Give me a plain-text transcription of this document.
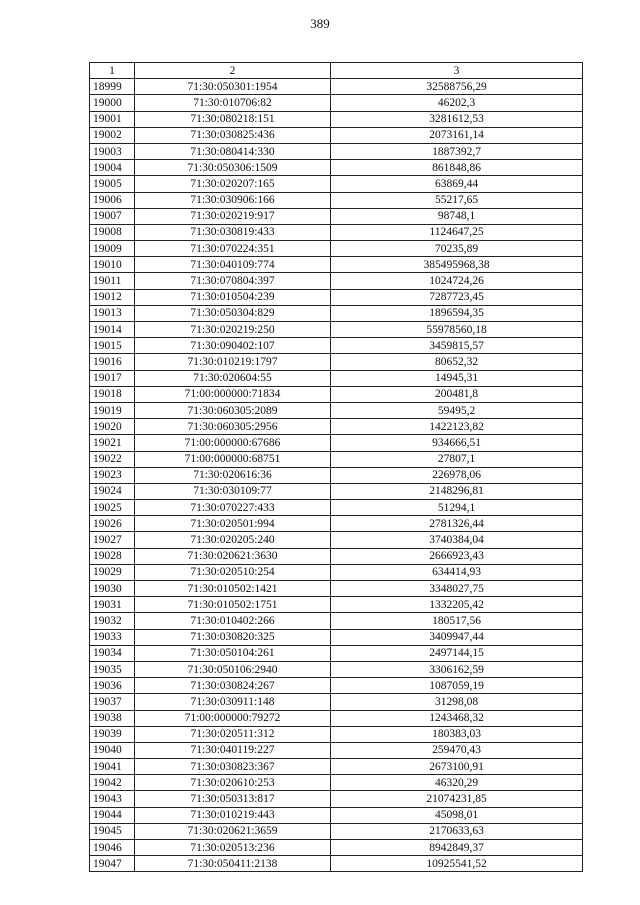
389
1	2	3
18999	71:30:050301:1954	32588756,29
19000	71:30:010706:82	46202,3
19001	71:30:080218:151	3281612,53
19002	71:30:030825:436	2073161,14
19003	71:30:080414:330	1887392,7
19004	71:30:050306:1509	861848,86
19005	71:30:020207:165	63869,44
19006	71:30:030906:166	55217,65
19007	71:30:020219:917	98748,1
19008	71:30:030819:433	1124647,25
19009	71:30:070224:351	70235,89
19010	71:30:040109:774	385495968,38
19011	71:30:070804:397	1024724,26
19012	71:30:010504:239	7287723,45
19013	71:30:050304:829	1896594,35
19014	71:30:020219:250	55978560,18
19015	71:30:090402:107	3459815,57
19016	71:30:010219:1797	80652,32
19017	71:30:020604:55	14945,31
19018	71:00:000000:71834	200481,8
19019	71:30:060305:2089	59495,2
19020	71:30:060305:2956	1422123,82
19021	71:00:000000:67686	934666,51
19022	71:00:000000:68751	27807,1
19023	71:30:020616:36	226978,06
19024	71:30:030109:77	2148296,81
19025	71:30:070227:433	51294,1
19026	71:30:020501:994	2781326,44
19027	71:30:020205:240	3740384,04
19028	71:30:020621:3630	2666923,43
19029	71:30:020510:254	634414,93
19030	71:30:010502:1421	3348027,75
19031	71:30:010502:1751	1332205,42
19032	71:30:010402:266	180517,56
19033	71:30:030820:325	3409947,44
19034	71:30:050104:261	2497144,15
19035	71:30:050106:2940	3306162,59
19036	71:30:030824:267	1087059,19
19037	71:30:030911:148	31298,08
19038	71:00:000000:79272	1243468,32
19039	71:30:020511:312	180383,03
19040	71:30:040119:227	259470,43
19041	71:30:030823:367	2673100,91
19042	71:30:020610:253	46320,29
19043	71:30:050313:817	21074231,85
19044	71:30:010219:443	45098,01
19045	71:30:020621:3659	2170633,63
19046	71:30:020513:236	8942849,37
19047	71:30:050411:2138	10925541,52
